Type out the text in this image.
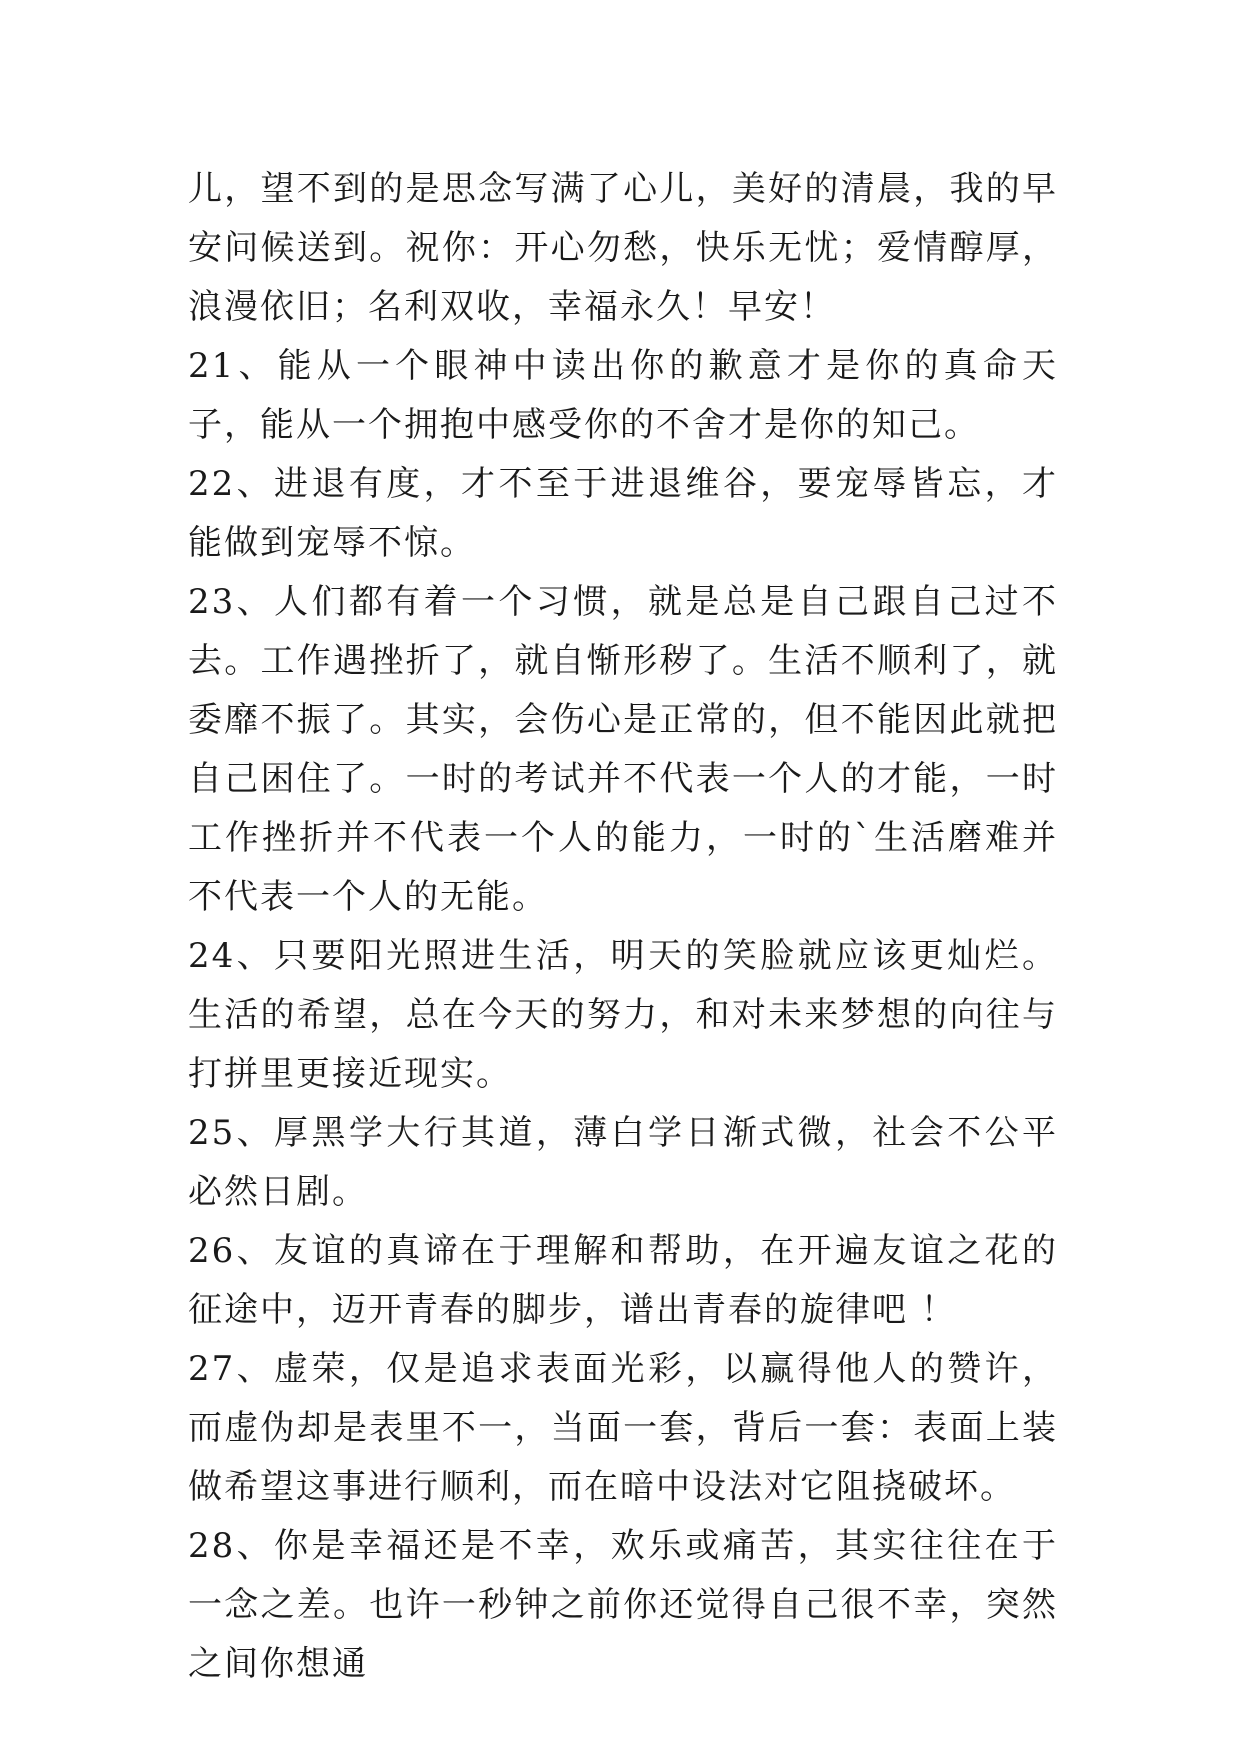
儿，望不到的是思念写满了心儿，美好的清晨，我的早安问候送到。祝你：开心勿愁，快乐无忧；爱情醇厚，浪漫依旧；名利双收，幸福永久！早安！

21、能从一个眼神中读出你的歉意才是你的真命天子，能从一个拥抱中感受你的不舍才是你的知己。

22、进退有度，才不至于进退维谷，要宠辱皆忘，才能做到宠辱不惊。

23、人们都有着一个习惯，就是总是自己跟自己过不去。工作遇挫折了，就自惭形秽了。生活不顺利了，就委靡不振了。其实，会伤心是正常的，但不能因此就把自己困住了。一时的考试并不代表一个人的才能，一时工作挫折并不代表一个人的能力，一时的`生活磨难并不代表一个人的无能。

24、只要阳光照进生活，明天的笑脸就应该更灿烂。生活的希望，总在今天的努力，和对未来梦想的向往与打拼里更接近现实。

25、厚黑学大行其道，薄白学日渐式微，社会不公平必然日剧。

26、友谊的真谛在于理解和帮助，在开遍友谊之花的征途中，迈开青春的脚步，谱出青春的旋律吧 ！

27、虚荣，仅是追求表面光彩，以赢得他人的赞许，而虚伪却是表里不一，当面一套，背后一套：表面上装做希望这事进行顺利，而在暗中设法对它阻挠破坏。

28、你是幸福还是不幸，欢乐或痛苦，其实往往在于一念之差。也许一秒钟之前你还觉得自己很不幸，突然之间你想通
